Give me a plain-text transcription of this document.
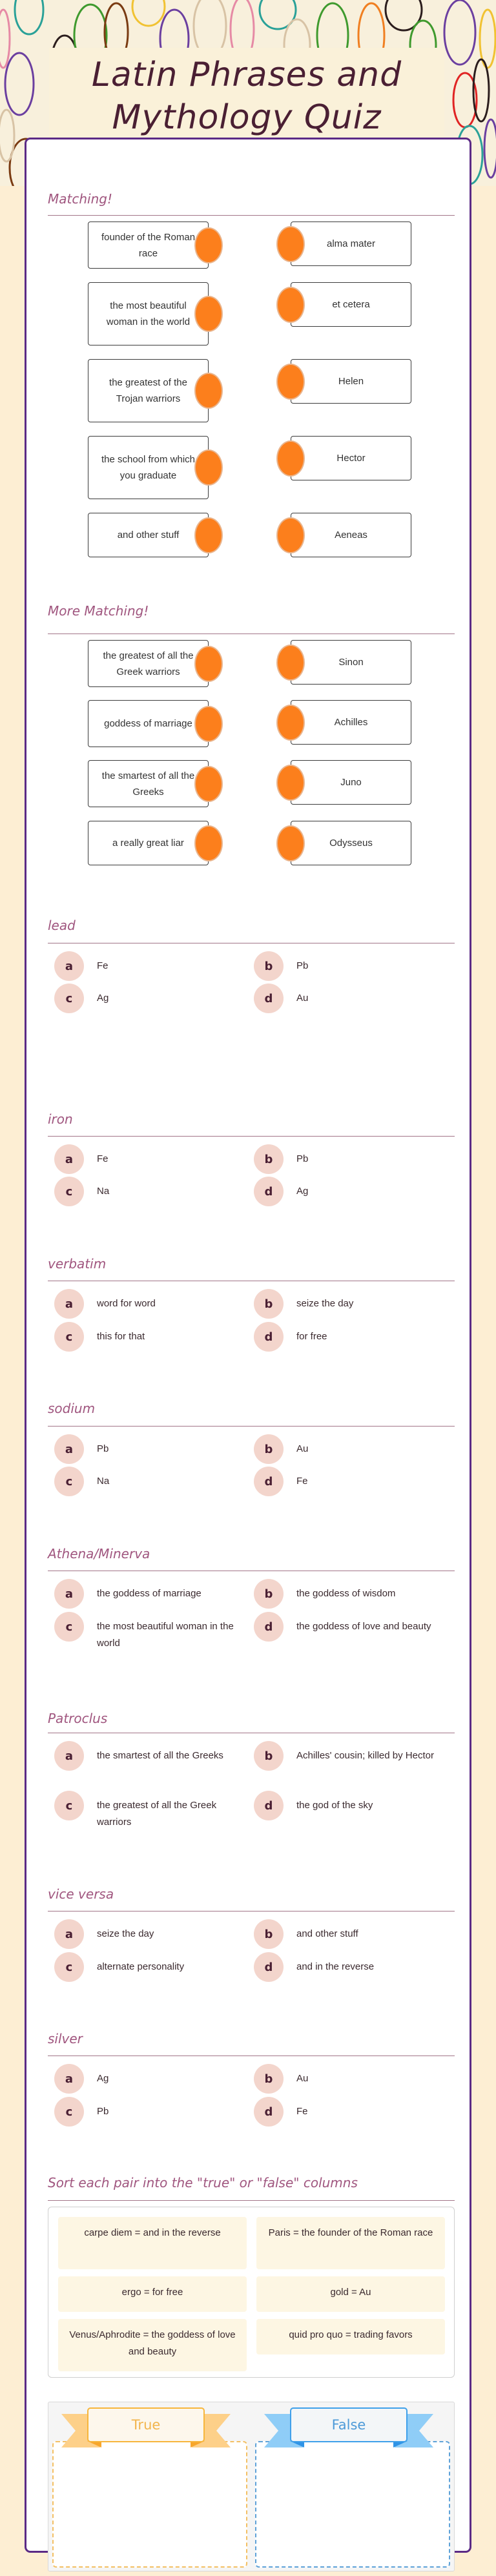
Latin Phrases and Mythology Quiz
Matching!
founder of the Roman race
the most beautiful woman in the world
the greatest of the Trojan warriors
the school from which you graduate
and other stuff
alma mater
et cetera
Helen
Hector
Aeneas
More Matching!
the greatest of all the Greek warriors
goddess of marriage
the smartest of all the Greeks
a really great liar
Sinon
Achilles
Juno
Odysseus
lead
a	Fe	b	Pb
c	Ag	d	Au
iron
a	Fe	b	Pb
c	Na	d	Ag
verbatim
a	word for word	b	seize the day
c	this for that	d	for free
sodium
a	Pb	b	Au
c	Na	d	Fe
Athena/Minerva
a	the goddess of marriage	b	the goddess of wisdom
c	the most beautiful woman in the world
d	the goddess of love and beauty
Patroclus
a	the smartest of all the Greeks	b	Achilles' cousin; killed by Hector
c	the greatest of all the Greek warriors
d	the god of the sky
vice versa
a	seize the day	b	and other stuff
c	alternate personality	d	and in the reverse
silver
a	Ag	b	Au
c	Pb	d	Fe
Sort each pair into the "true" or "false" columns
carpe diem = and in the reverse	Paris = the founder of the Roman race
ergo = for free	gold = Au
Venus/Aphrodite = the goddess of love and beauty
quid pro quo = trading favors
True	False
